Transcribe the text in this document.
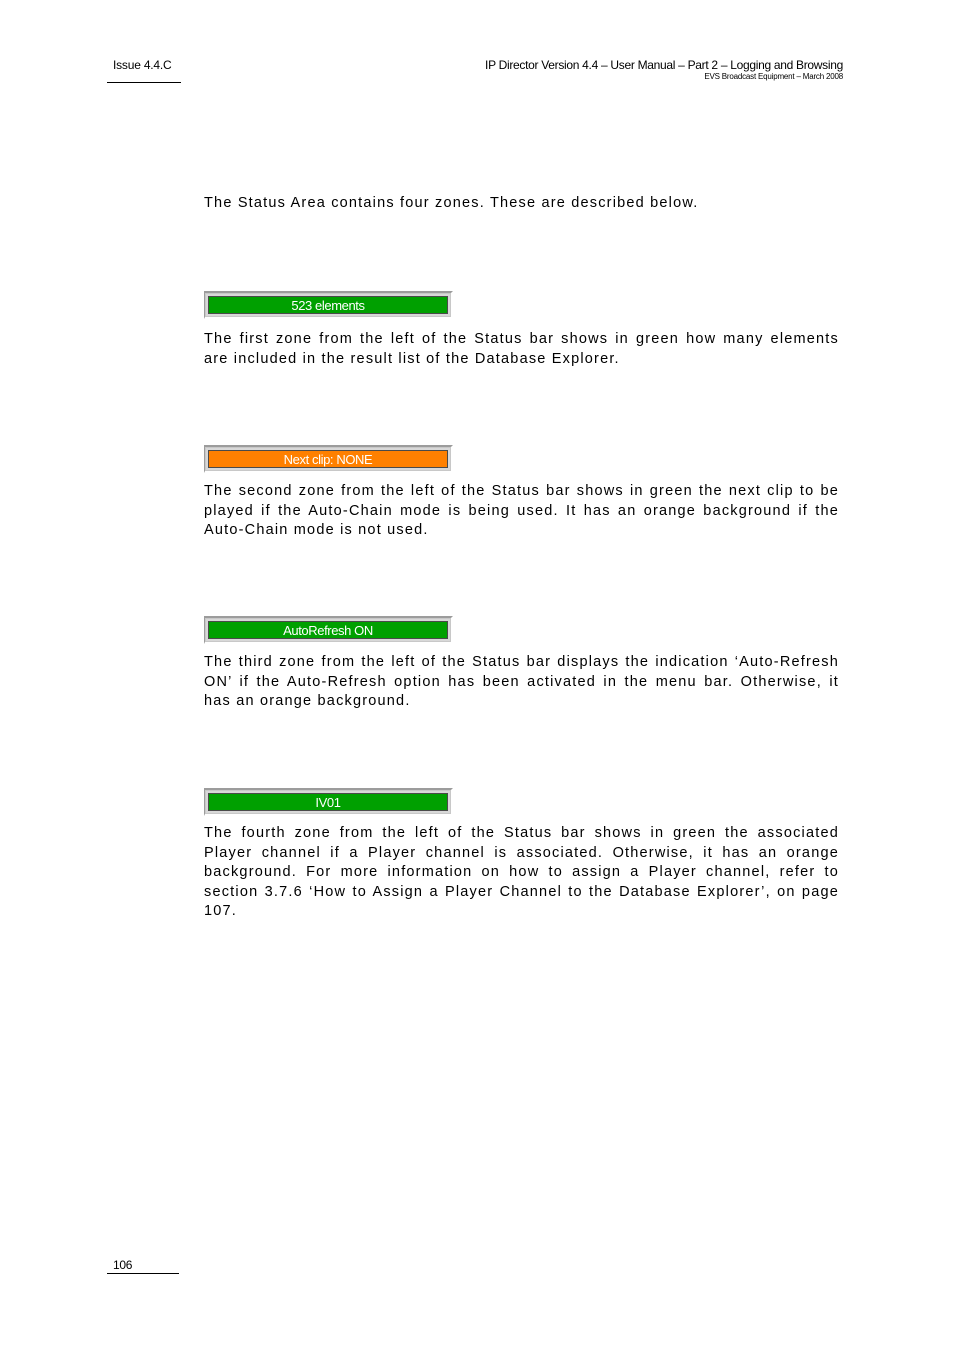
Issue 4.4.C	IP Director Version 4.4 – User Manual – Part 2 – Logging and Browsing
EVS Broadcast Equipment – March 2008

The Status Area contains four zones. These are described below.

523 elements

The first zone from the left of the Status bar shows in green how many elements are included in the result list of the Database Explorer.

Next clip: NONE

The second zone from the left of the Status bar shows in green the next clip to be played if the Auto-Chain mode is being used. It has an orange background if the Auto-Chain mode is not used.

AutoRefresh ON

The third zone from the left of the Status bar displays the indication ‘Auto-Refresh ON’ if the Auto-Refresh option has been activated in the menu bar. Otherwise, it has an orange background.

IV01

The fourth zone from the left of the Status bar shows in green the associated Player channel if a Player channel is associated. Otherwise, it has an orange background. For more information on how to assign a Player channel, refer to section 3.7.6 ‘How to Assign a Player Channel to the Database Explorer’, on page 107.

106
